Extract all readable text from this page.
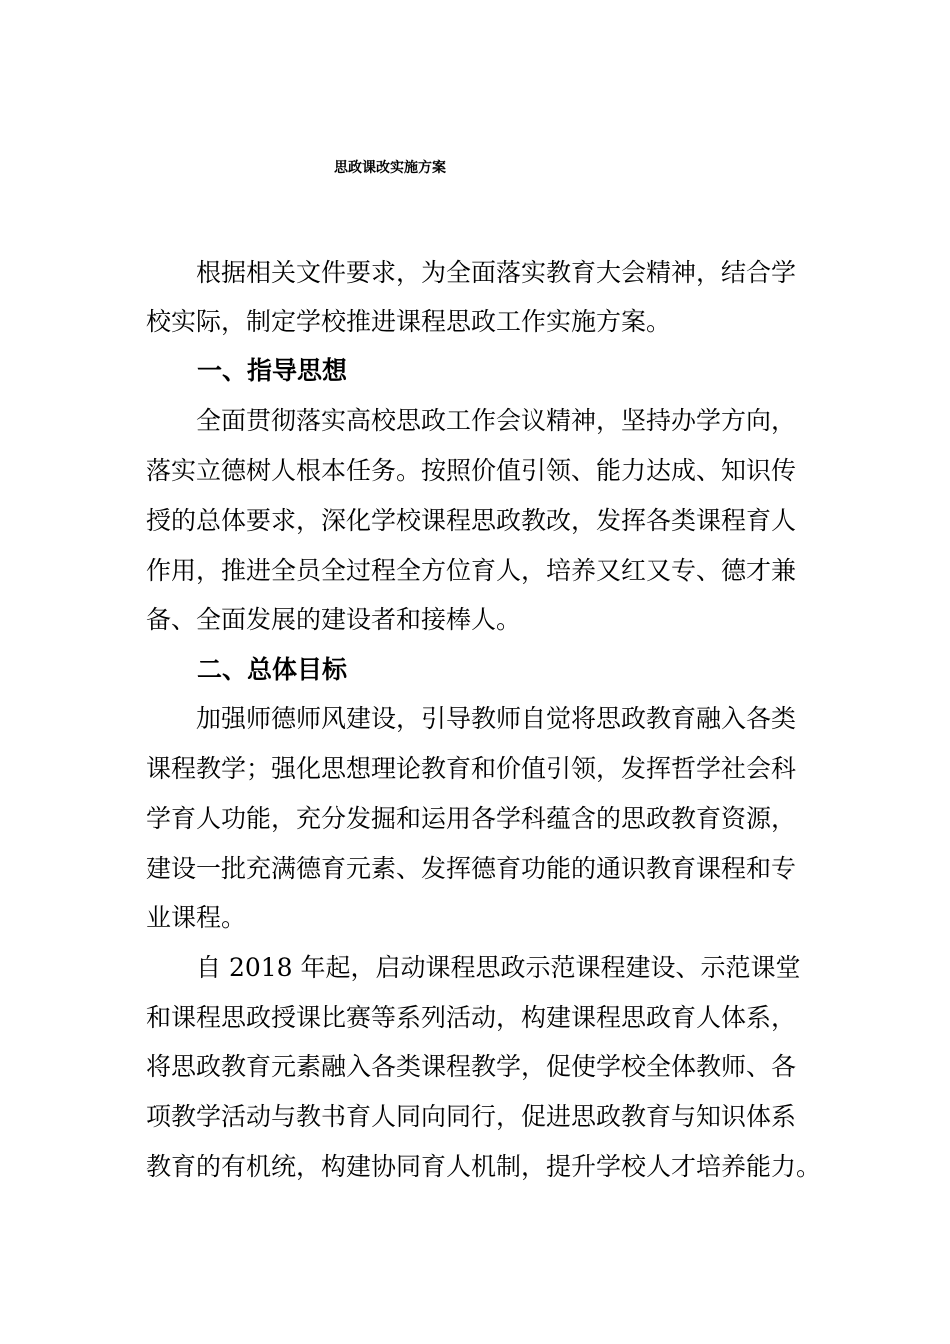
思政课改实施方案
　　根据相关文件要求，为全面落实教育大会精神，结合学
校实际，制定学校推进课程思政工作实施方案。
一、指导思想
　　全面贯彻落实高校思政工作会议精神，坚持办学方向，
落实立德树人根本任务。按照价值引领、能力达成、知识传
授的总体要求，深化学校课程思政教改，发挥各类课程育人
作用，推进全员全过程全方位育人，培养又红又专、德才兼
备、全面发展的建设者和接棒人。
二、总体目标
　　加强师德师风建设，引导教师自觉将思政教育融入各类
课程教学；强化思想理论教育和价值引领，发挥哲学社会科
学育人功能，充分发掘和运用各学科蕴含的思政教育资源，
建设一批充满德育元素、发挥德育功能的通识教育课程和专
业课程。
　　自 2018 年起，启动课程思政示范课程建设、示范课堂
和课程思政授课比赛等系列活动，构建课程思政育人体系，
将思政教育元素融入各类课程教学，促使学校全体教师、各
项教学活动与教书育人同向同行，促进思政教育与知识体系
教育的有机统，构建协同育人机制，提升学校人才培养能力。
